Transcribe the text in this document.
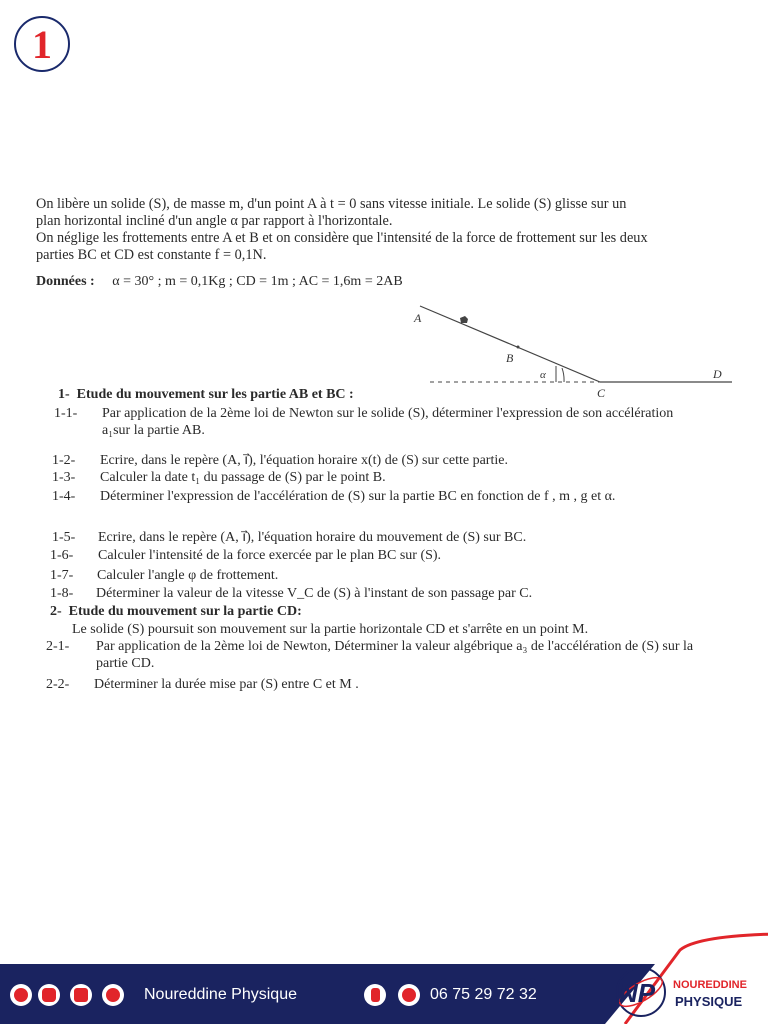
1

On libère un solide (S), de masse m, d'un point A à t = 0 sans vitesse initiale. Le solide (S) glisse sur un

plan horizontal incliné d'un angle α par rapport à l'horizontale.

On néglige les frottements entre A et B et on considère que l'intensité de la force de frottement sur les deux

parties BC et CD est constante f = 0,1N.

Données : α = 30° ; m = 0,1Kg ; CD = 1m ; AC = 1,6m = 2AB
A
B
C
D
α
1- Etude du mouvement sur les partie AB et BC :
1-1- Par application de la 2ème loi de Newton sur le solide (S), déterminer l'expression de son accélération a₁sur la partie AB.
1-2- Ecrire, dans le repère (A, i⃗), l'équation horaire x(t) de (S) sur cette partie.
1-3- Calculer la date t₁ du passage de (S) par le point B.
1-4- Déterminer l'expression de l'accélération de (S) sur la partie BC en fonction de f , m , g et α.
1-5- Ecrire, dans le repère (A, i⃗), l'équation horaire du mouvement de (S) sur BC.
1-6- Calculer l'intensité de la force exercée par le plan BC sur (S).
1-7- Calculer l'angle φ de frottement.
1-8- Déterminer la valeur de la vitesse V_C de (S) à l'instant de son passage par C.
2- Etude du mouvement sur la partie CD:
Le solide (S) poursuit son mouvement sur la partie horizontale CD et s'arrête en un point M.
2-1- Par application de la 2ème loi de Newton, Déterminer la valeur algébrique a₃ de l'accélération de (S) sur la partie CD.
2-2- Déterminer la durée mise par (S) entre C et M .
NP NOUREDDINE
PHYSIQUE
Noureddine Physique	06 75 29 72 32
